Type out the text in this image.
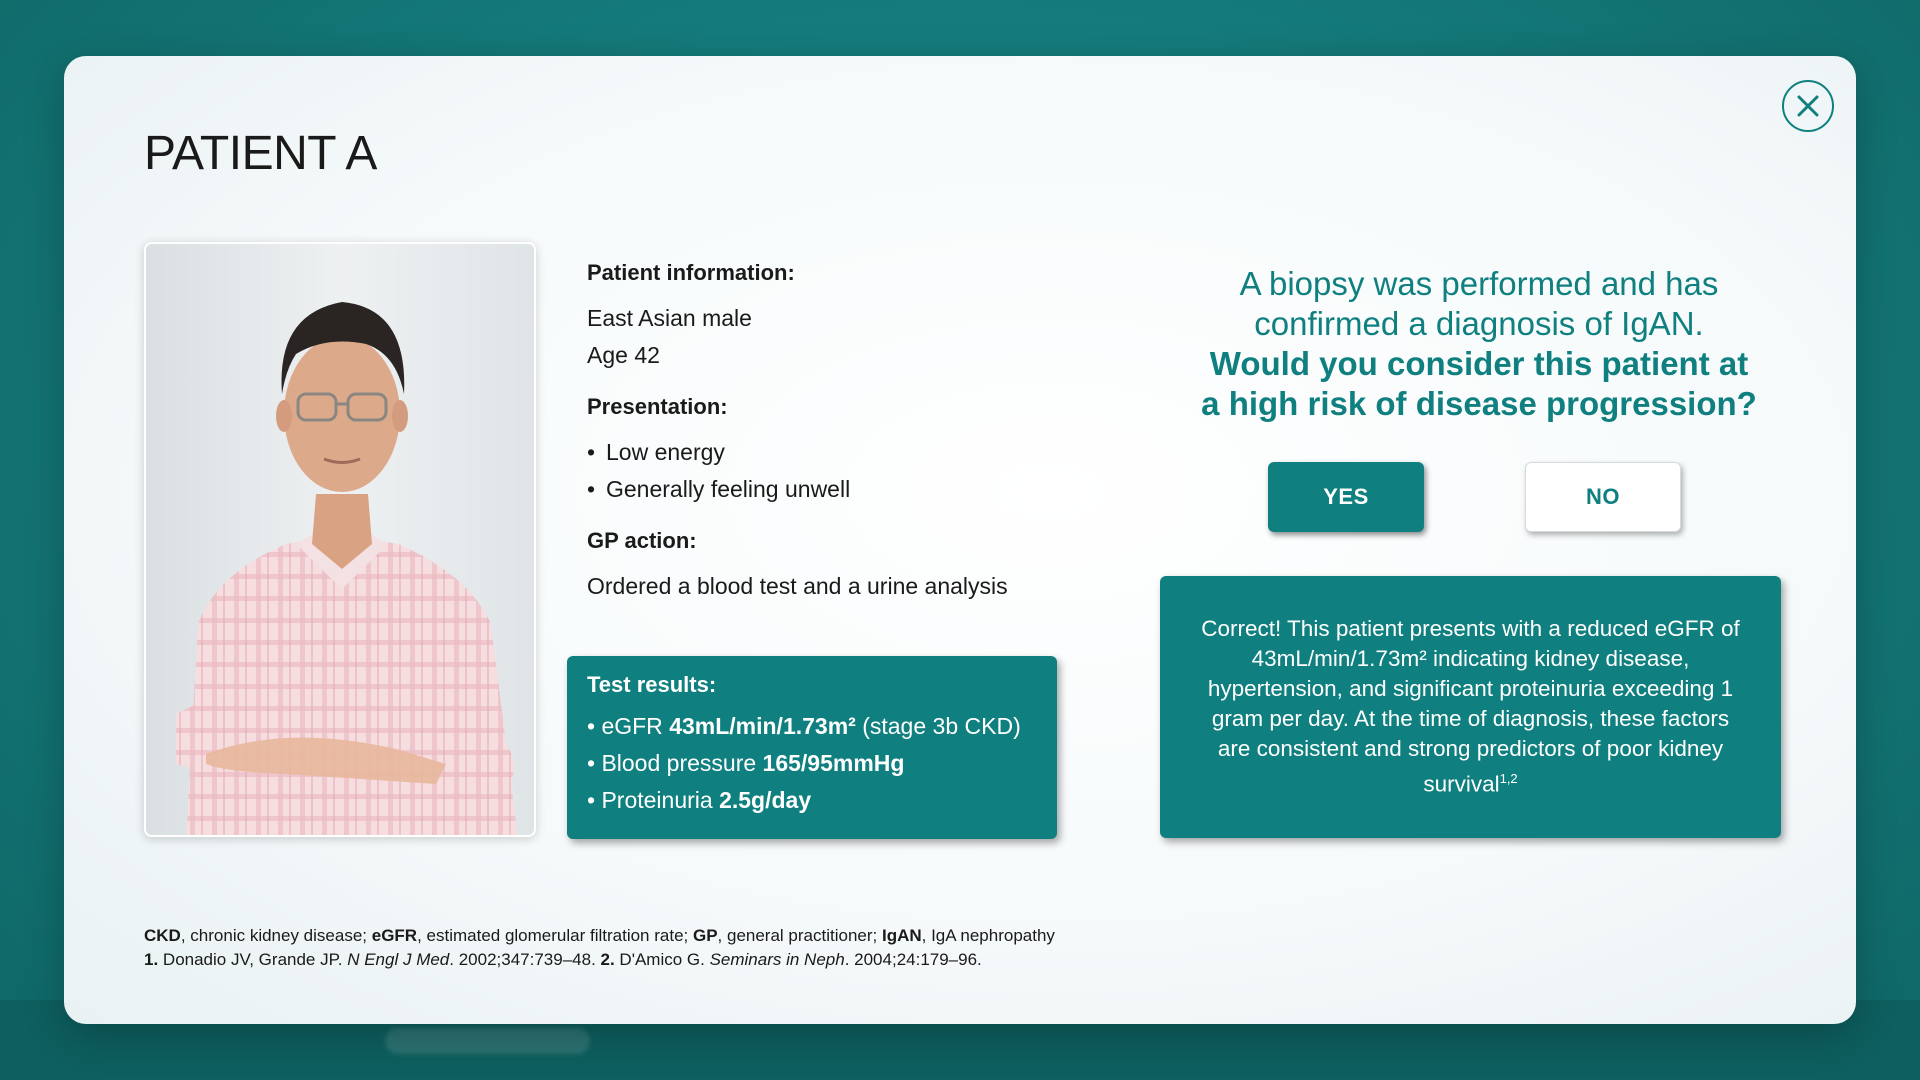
PATIENT A
Patient information:
East Asian male
Age 42
Presentation:
• Low energy
• Generally feeling unwell
GP action:
Ordered a blood test and a urine analysis
Test results:
• eGFR 43mL/min/1.73m² (stage 3b CKD)
• Blood pressure 165/95mmHg
• Proteinuria 2.5g/day
A biopsy was performed and has
confirmed a diagnosis of IgAN.
Would you consider this patient at
a high risk of disease progression?
YES	NO

Correct! This patient presents with a reduced eGFR of 43mL/min/1.73m² indicating kidney disease, hypertension, and significant proteinuria exceeding 1 gram per day. At the time of diagnosis, these factors are consistent and strong predictors of poor kidney survival$^{1,2}$

CKD, chronic kidney disease; eGFR, estimated glomerular filtration rate; GP, general practitioner; IgAN, IgA nephropathy
1. Donadio JV, Grande JP. N Engl J Med. 2002;347:739–48. 2. D'Amico G. Seminars in Neph. 2004;24:179–96.
